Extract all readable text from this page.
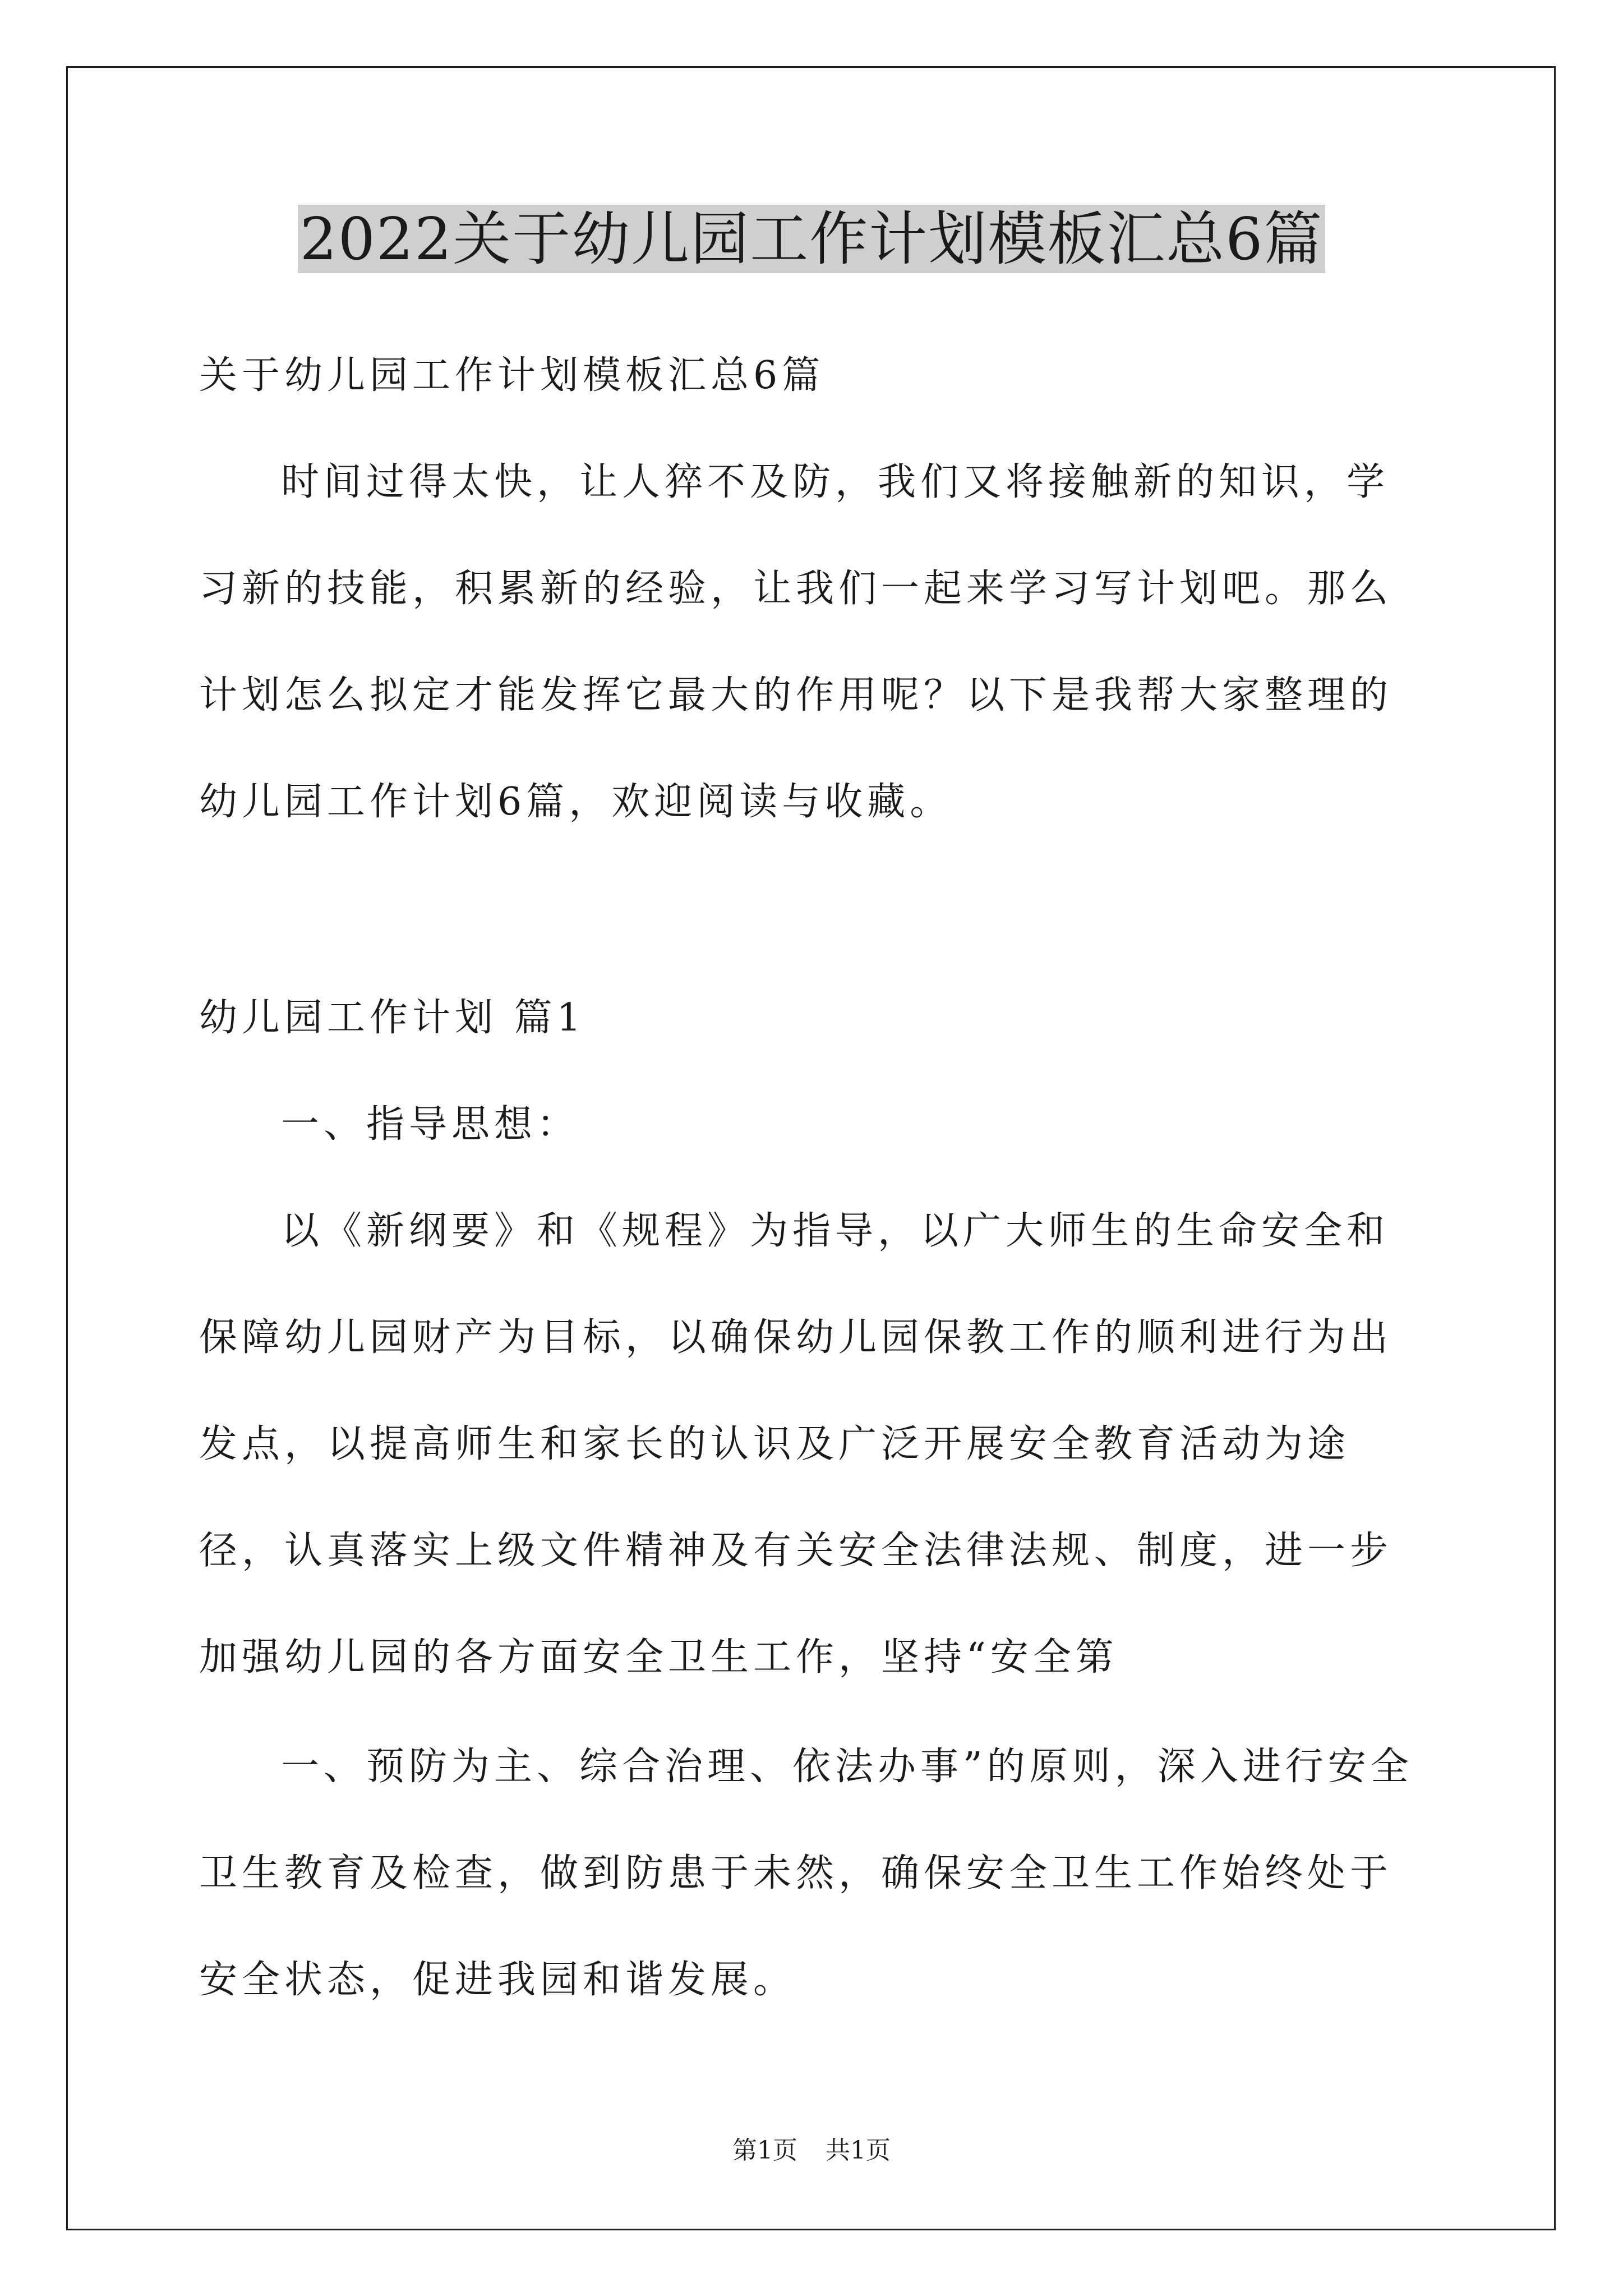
2022关于幼儿园工作计划模板汇总6篇

关于幼儿园工作计划模板汇总6篇

时间过得太快，让人猝不及防，我们又将接触新的知识，学习新的技能，积累新的经验，让我们一起来学习写计划吧。那么计划怎么拟定才能发挥它最大的作用呢？以下是我帮大家整理的幼儿园工作计划6篇，欢迎阅读与收藏。

幼儿园工作计划 篇1

一、指导思想：

以《新纲要》和《规程》为指导，以广大师生的生命安全和保障幼儿园财产为目标，以确保幼儿园保教工作的顺利进行为出发点，以提高师生和家长的认识及广泛开展安全教育活动为途径，认真落实上级文件精神及有关安全法律法规、制度，进一步加强幼儿园的各方面安全卫生工作，坚持“安全第

一、预防为主、综合治理、依法办事”的原则，深入进行安全卫生教育及检查，做到防患于未然，确保安全卫生工作始终处于安全状态，促进我园和谐发展。

第1页 共1页
